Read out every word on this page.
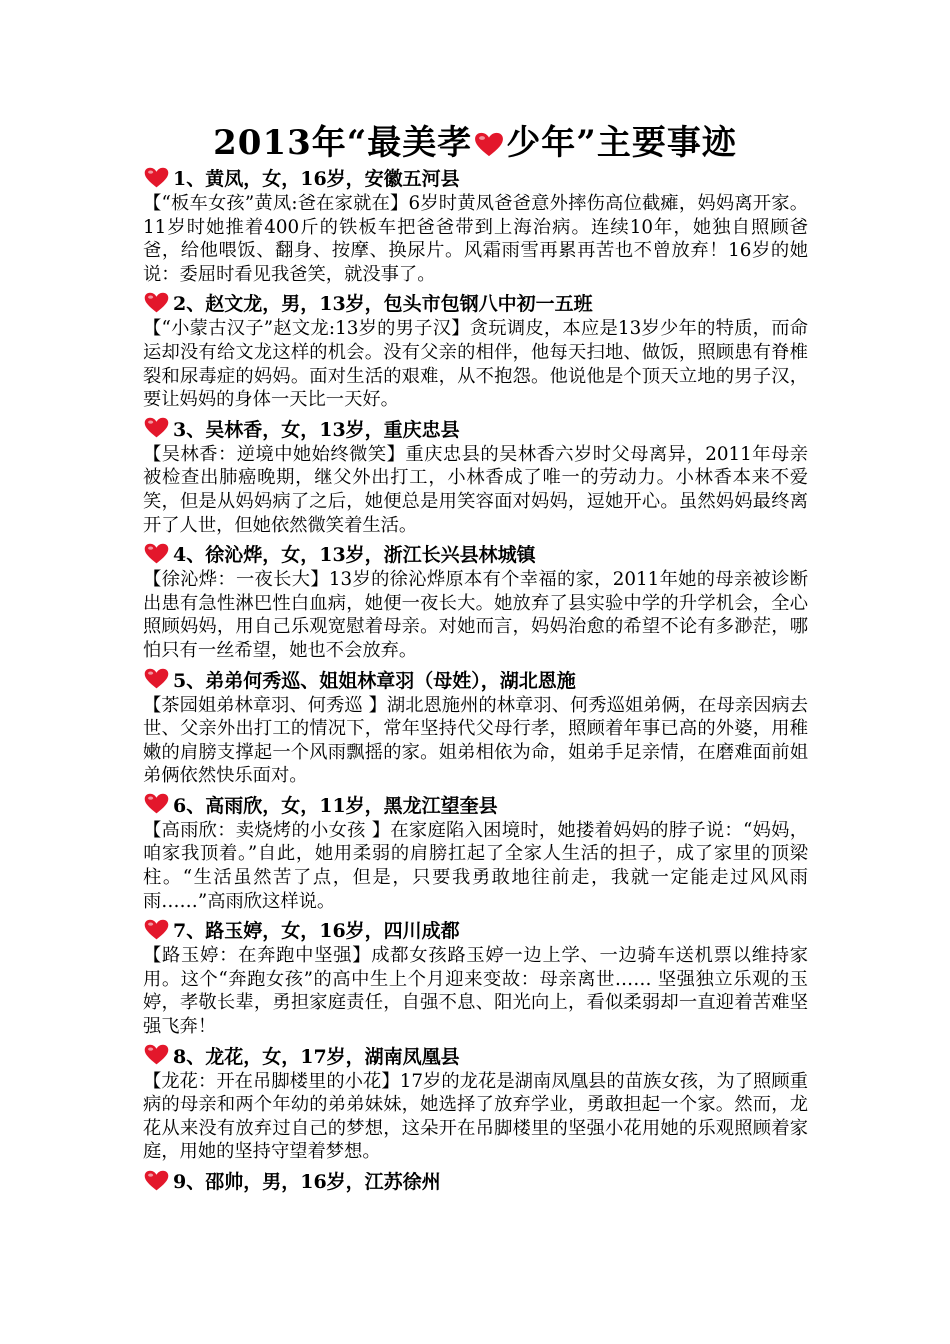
2013年“最美孝 少年”主要事迹
1、黄凤，女，16岁，安徽五河县

【“板车女孩”黄凤:爸在家就在】6岁时黄凤爸爸意外摔伤高位截瘫，妈妈离开家。11岁时她推着400斤的铁板车把爸爸带到上海治病。连续10年，她独自照顾爸爸，给他喂饭、翻身、按摩、换尿片。风霜雨雪再累再苦也不曾放弃！16岁的她说：委屈时看见我爸笑，就没事了。

2、赵文龙，男，13岁，包头市包钢八中初一五班

【“小蒙古汉子”赵文龙:13岁的男子汉】贪玩调皮，本应是13岁少年的特质，而命运却没有给文龙这样的机会。没有父亲的相伴，他每天扫地、做饭，照顾患有脊椎裂和尿毒症的妈妈。面对生活的艰难，从不抱怨。他说他是个顶天立地的男子汉，要让妈妈的身体一天比一天好。

3、吴林香，女，13岁，重庆忠县

【吴林香：逆境中她始终微笑】重庆忠县的吴林香六岁时父母离异，2011年母亲被检查出肺癌晚期，继父外出打工，小林香成了唯一的劳动力。小林香本来不爱笑，但是从妈妈病了之后，她便总是用笑容面对妈妈，逗她开心。虽然妈妈最终离开了人世，但她依然微笑着生活。

4、徐沁烨，女，13岁，浙江长兴县林城镇

【徐沁烨：一夜长大】13岁的徐沁烨原本有个幸福的家，2011年她的母亲被诊断出患有急性淋巴性白血病，她便一夜长大。她放弃了县实验中学的升学机会，全心照顾妈妈，用自己乐观宽慰着母亲。对她而言，妈妈治愈的希望不论有多渺茫，哪怕只有一丝希望，她也不会放弃。

5、弟弟何秀巡、姐姐林章羽（母姓），湖北恩施

【茶园姐弟林章羽、何秀巡 】湖北恩施州的林章羽、何秀巡姐弟俩，在母亲因病去世、父亲外出打工的情况下，常年坚持代父母行孝，照顾着年事已高的外婆，用稚嫩的肩膀支撑起一个风雨飘摇的家。姐弟相依为命，姐弟手足亲情，在磨难面前姐弟俩依然快乐面对。

6、高雨欣，女，11岁，黑龙江望奎县

【高雨欣：卖烧烤的小女孩 】在家庭陷入困境时，她搂着妈妈的脖子说：“妈妈，咱家我顶着。”自此，她用柔弱的肩膀扛起了全家人生活的担子，成了家里的顶梁柱。“生活虽然苦了点，但是，只要我勇敢地往前走，我就一定能走过风风雨雨……”高雨欣这样说。

7、路玉婷，女，16岁，四川成都

【路玉婷：在奔跑中坚强】成都女孩路玉婷一边上学、一边骑车送机票以维持家用。这个“奔跑女孩”的高中生上个月迎来变故：母亲离世…… 坚强独立乐观的玉婷，孝敬长辈，勇担家庭责任，自强不息、阳光向上，看似柔弱却一直迎着苦难坚强飞奔！

8、龙花，女，17岁，湖南凤凰县

【龙花：开在吊脚楼里的小花】17岁的龙花是湖南凤凰县的苗族女孩，为了照顾重病的母亲和两个年幼的弟弟妹妹，她选择了放弃学业，勇敢担起一个家。然而，龙花从来没有放弃过自己的梦想，这朵开在吊脚楼里的坚强小花用她的乐观照顾着家庭，用她的坚持守望着梦想。

9、邵帅，男，16岁，江苏徐州
